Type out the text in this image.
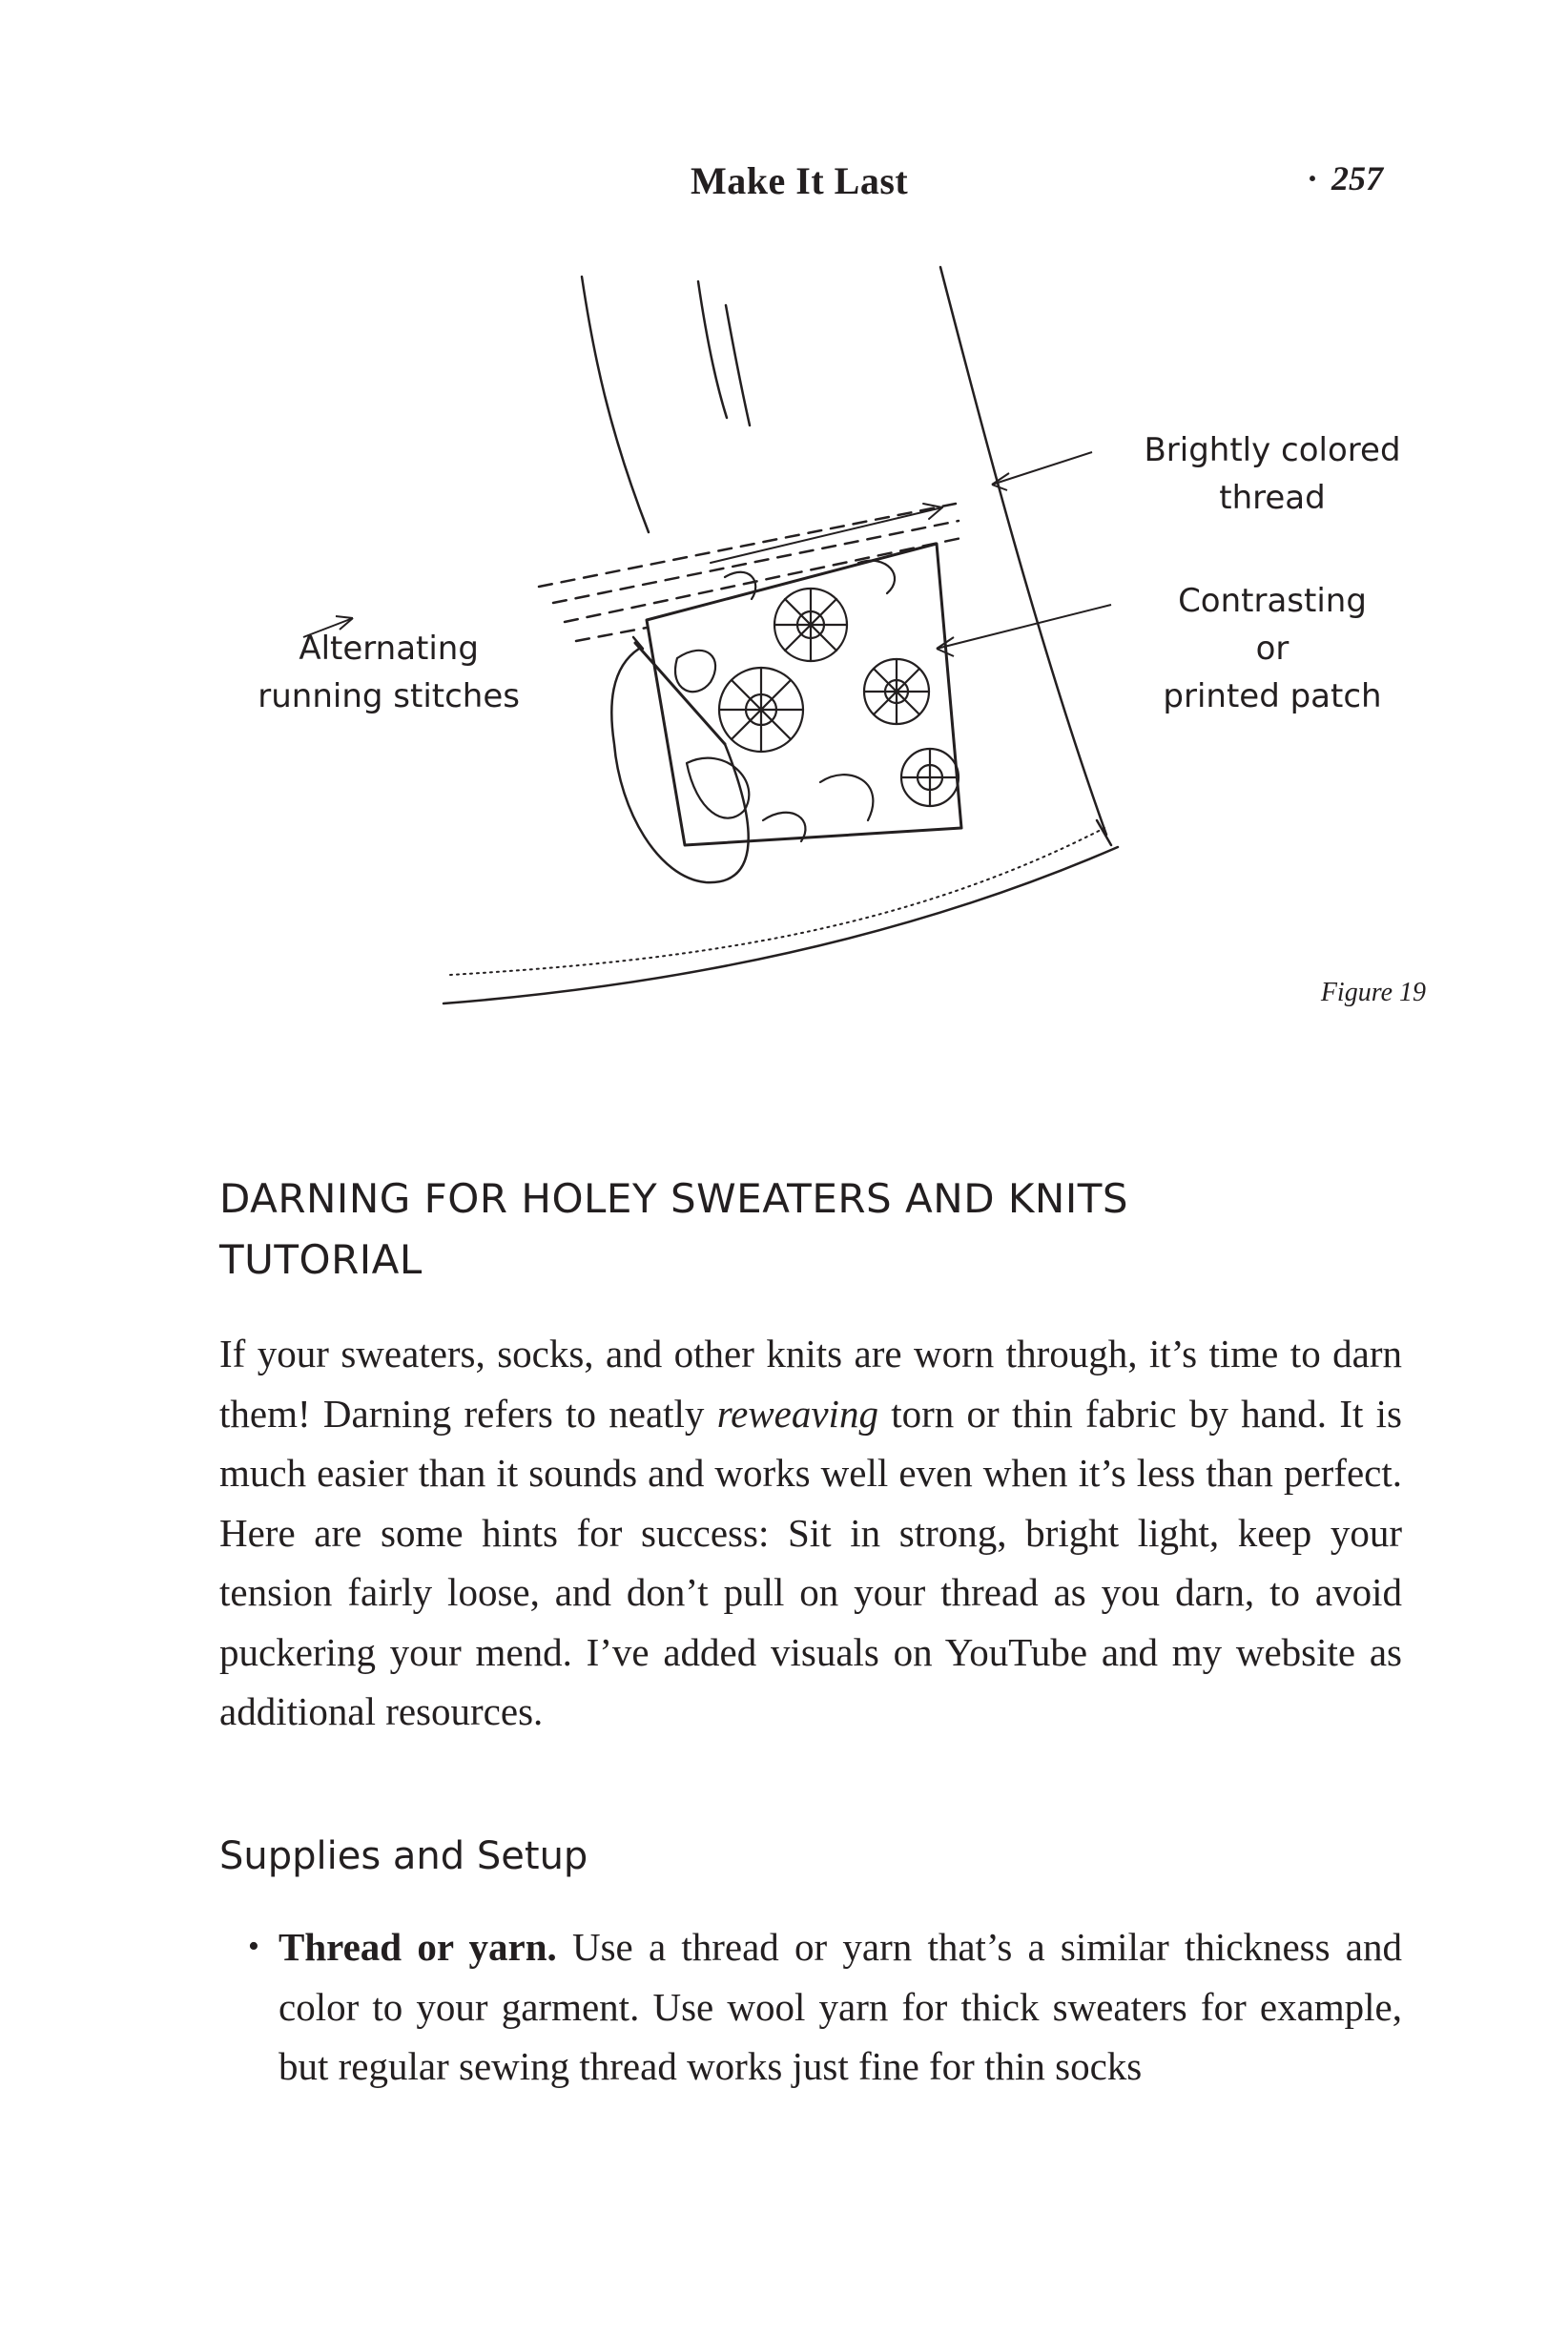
Make It Last	· 257
Brightly colored
thread
Contrasting
or
printed patch
Alternating
running stitches
Figure 19
DARNING FOR HOLEY SWEATERS AND KNITS
TUTORIAL

If your sweaters, socks, and other knits are worn through, it’s time to darn them! Darning refers to neatly reweaving torn or thin fabric by hand. It is much easier than it sounds and works well even when it’s less than perfect. Here are some hints for success: Sit in strong, bright light, keep your tension fairly loose, and don’t pull on your thread as you darn, to avoid puckering your mend. I’ve added visuals on YouTube and my website as additional resources.

Supplies and Setup
• Thread or yarn. Use a thread or yarn that’s a similar thickness and color to your garment. Use wool yarn for thick sweaters for example, but regular sewing thread works just fine for thin socks
